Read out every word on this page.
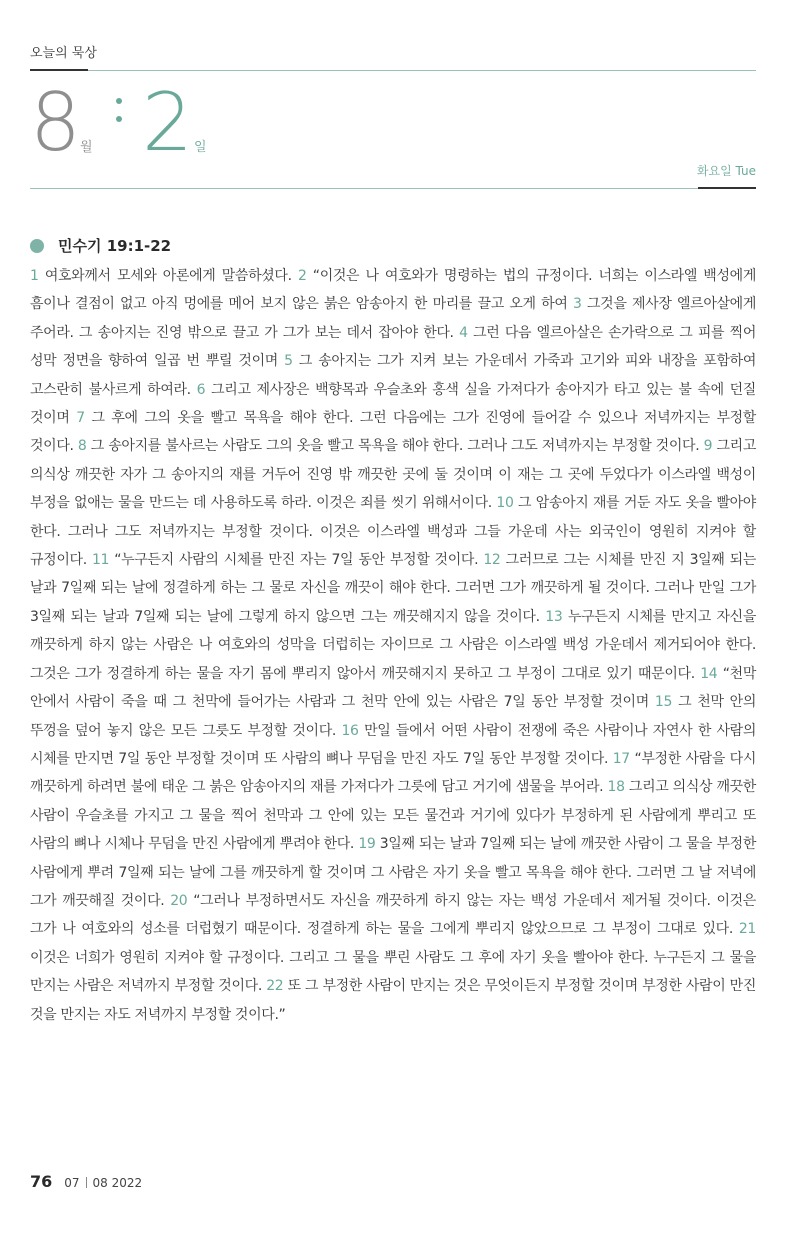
오늘의 묵상
8 월 2 일
화요일 Tue
민수기 19:1-22
1 여호와께서 모세와 아론에게 말씀하셨다. 2 “이것은 나 여호와가 명령하는 법의 규정이다. 너희는 이스라엘 백성에게 흠이나 결점이 없고 아직 멍에를 메어 보지 않은 붉은 암송아지 한 마리를 끌고 오게 하여 3 그것을 제사장 엘르아살에게 주어라. 그 송아지는 진영 밖으로 끌고 가 그가 보는 데서 잡아야 한다. 4 그런 다음 엘르아살은 손가락으로 그 피를 찍어 성막 정면을 향하여 일곱 번 뿌릴 것이며 5 그 송아지는 그가 지켜 보는 가운데서 가죽과 고기와 피와 내장을 포함하여 고스란히 불사르게 하여라. 6 그리고 제사장은 백향목과 우슬초와 홍색 실을 가져다가 송아지가 타고 있는 불 속에 던질 것이며 7 그 후에 그의 옷을 빨고 목욕을 해야 한다. 그런 다음에는 그가 진영에 들어갈 수 있으나 저녁까지는 부정할 것이다. 8 그 송아지를 불사르는 사람도 그의 옷을 빨고 목욕을 해야 한다. 그러나 그도 저녁까지는 부정할 것이다. 9 그리고 의식상 깨끗한 자가 그 송아지의 재를 거두어 진영 밖 깨끗한 곳에 둘 것이며 이 재는 그 곳에 두었다가 이스라엘 백성이 부정을 없애는 물을 만드는 데 사용하도록 하라. 이것은 죄를 씻기 위해서이다. 10 그 암송아지 재를 거둔 자도 옷을 빨아야 한다. 그러나 그도 저녁까지는 부정할 것이다. 이것은 이스라엘 백성과 그들 가운데 사는 외국인이 영원히 지켜야 할 규정이다. 11 “누구든지 사람의 시체를 만진 자는 7일 동안 부정할 것이다. 12 그러므로 그는 시체를 만진 지 3일째 되는 날과 7일째 되는 날에 정결하게 하는 그 물로 자신을 깨끗이 해야 한다. 그러면 그가 깨끗하게 될 것이다. 그러나 만일 그가 3일째 되는 날과 7일째 되는 날에 그렇게 하지 않으면 그는 깨끗해지지 않을 것이다. 13 누구든지 시체를 만지고 자신을 깨끗하게 하지 않는 사람은 나 여호와의 성막을 더럽히는 자이므로 그 사람은 이스라엘 백성 가운데서 제거되어야 한다. 그것은 그가 정결하게 하는 물을 자기 몸에 뿌리지 않아서 깨끗해지지 못하고 그 부정이 그대로 있기 때문이다. 14 “천막 안에서 사람이 죽을 때 그 천막에 들어가는 사람과 그 천막 안에 있는 사람은 7일 동안 부정할 것이며 15 그 천막 안의 뚜껑을 덮어 놓지 않은 모든 그릇도 부정할 것이다. 16 만일 들에서 어떤 사람이 전쟁에 죽은 사람이나 자연사 한 사람의 시체를 만지면 7일 동안 부정할 것이며 또 사람의 뼈나 무덤을 만진 자도 7일 동안 부정할 것이다. 17 “부정한 사람을 다시 깨끗하게 하려면 불에 태운 그 붉은 암송아지의 재를 가져다가 그릇에 담고 거기에 샘물을 부어라. 18 그리고 의식상 깨끗한 사람이 우슬초를 가지고 그 물을 찍어 천막과 그 안에 있는 모든 물건과 거기에 있다가 부정하게 된 사람에게 뿌리고 또 사람의 뼈나 시체나 무덤을 만진 사람에게 뿌려야 한다. 19 3일째 되는 날과 7일째 되는 날에 깨끗한 사람이 그 물을 부정한 사람에게 뿌려 7일째 되는 날에 그를 깨끗하게 할 것이며 그 사람은 자기 옷을 빨고 목욕을 해야 한다. 그러면 그 날 저녁에 그가 깨끗해질 것이다. 20 “그러나 부정하면서도 자신을 깨끗하게 하지 않는 자는 백성 가운데서 제거될 것이다. 이것은 그가 나 여호와의 성소를 더럽혔기 때문이다. 정결하게 하는 물을 그에게 뿌리지 않았으므로 그 부정이 그대로 있다. 21 이것은 너희가 영원히 지켜야 할 규정이다. 그리고 그 물을 뿌린 사람도 그 후에 자기 옷을 빨아야 한다. 누구든지 그 물을 만지는 사람은 저녁까지 부정할 것이다. 22 또 그 부정한 사람이 만지는 것은 무엇이든지 부정할 것이며 부정한 사람이 만진 것을 만지는 자도 저녁까지 부정할 것이다.”
76 07 08 2022
